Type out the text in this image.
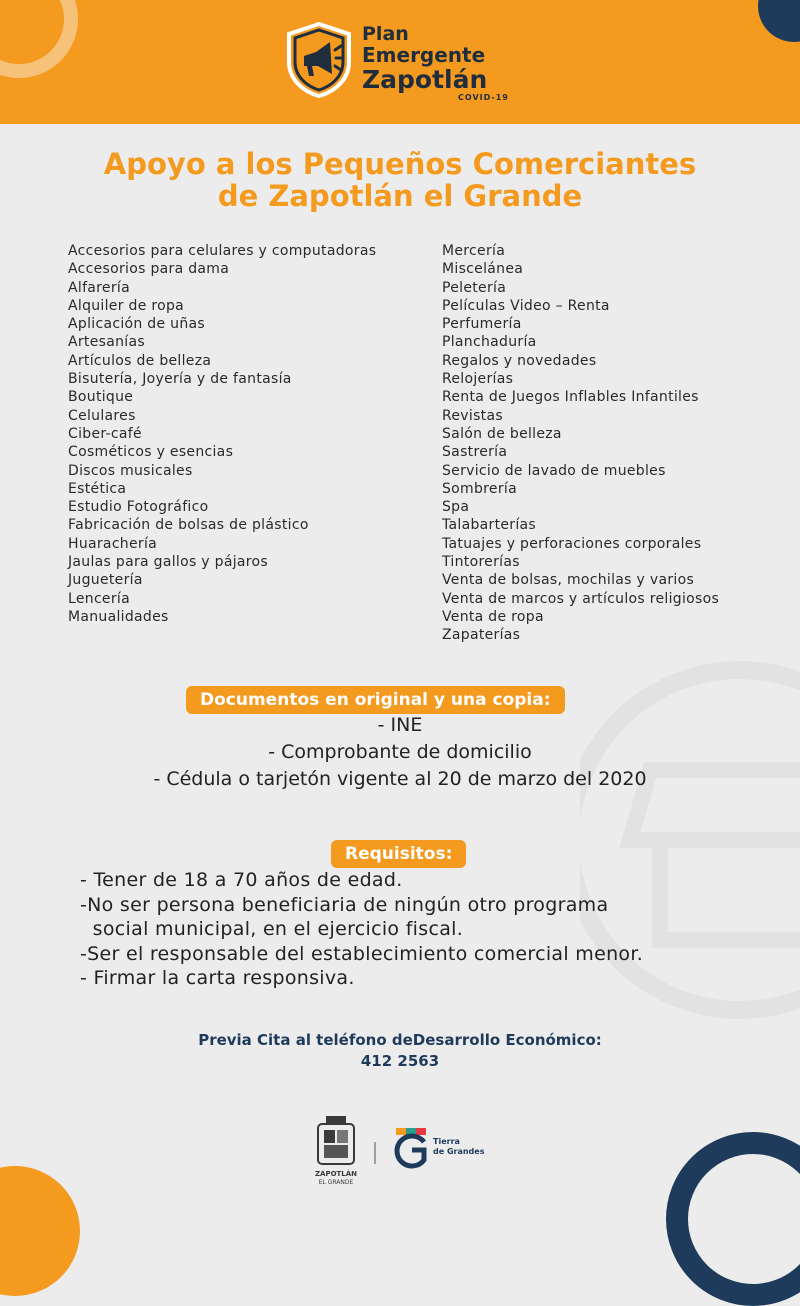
Plan
Emergente
Zapotlán
COVID-19
Apoyo a los Pequeños Comerciantes
de Zapotlán el Grande
Accesorios para celulares y computadoras
Accesorios para dama
Alfarería
Alquiler de ropa
Aplicación de uñas
Artesanías
Artículos de belleza
Bisutería, Joyería y de fantasía
Boutique
Celulares
Ciber-café
Cosméticos y esencias
Discos musicales
Estética
Estudio Fotográfico
Fabricación de bolsas de plástico
Huarachería
Jaulas para gallos y pájaros
Juguetería
Lencería
Manualidades
Mercería
Miscelánea
Peletería
Películas Video – Renta
Perfumería
Planchaduría
Regalos y novedades
Relojerías
Renta de Juegos Inflables Infantiles
Revistas
Salón de belleza
Sastrería
Servicio de lavado de muebles
Sombrería
Spa
Talabarterías
Tatuajes y perforaciones corporales
Tintorerías
Venta de bolsas, mochilas y varios
Venta de marcos y artículos religiosos
Venta de ropa
Zapaterías
Documentos en original y una copia:

- INE

- Comprobante de domicilio

- Cédula o tarjetón vigente al 20 de marzo del 2020

Requisitos:

- Tener de 18 a 70 años de edad.

-No ser persona beneficiaria de ningún otro programa

social municipal, en el ejercicio fiscal.

-Ser el responsable del establecimiento comercial menor.

- Firmar la carta responsiva.

Previa Cita al teléfono deDesarrollo Económico:

412 2563

ZAPOTLÁN
EL GRANDE
Tierra
de Grandes
